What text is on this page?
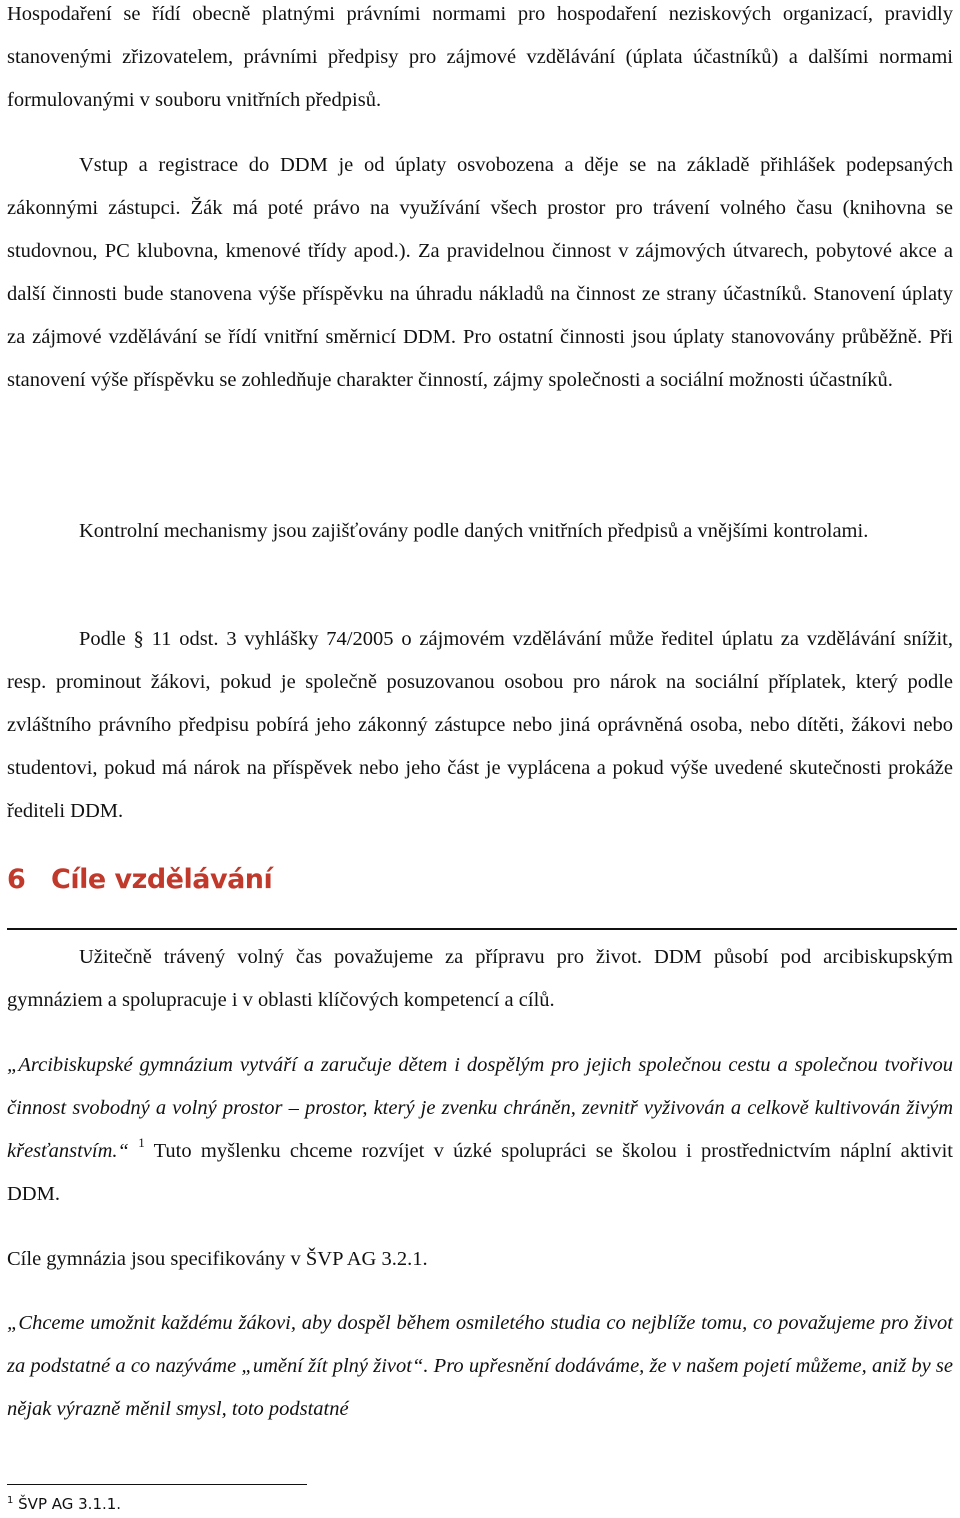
Hospodaření se řídí obecně platnými právními normami pro hospodaření neziskových organizací, pravidly stanovenými zřizovatelem, právními předpisy pro zájmové vzdělávání (úplata účastníků) a dalšími normami formulovanými v souboru vnitřních předpisů.

Vstup a registrace do DDM je od úplaty osvobozena a děje se na základě přihlášek podepsaných zákonnými zástupci. Žák má poté právo na využívání všech prostor pro trávení volného času (knihovna se studovnou, PC klubovna, kmenové třídy apod.). Za pravidelnou činnost v zájmových útvarech, pobytové akce a další činnosti bude stanovena výše příspěvku na úhradu nákladů na činnost ze strany účastníků. Stanovení úplaty za zájmové vzdělávání se řídí vnitřní směrnicí DDM. Pro ostatní činnosti jsou úplaty stanovovány průběžně. Při stanovení výše příspěvku se zohledňuje charakter činností, zájmy společnosti a sociální možnosti účastníků.

Kontrolní mechanismy jsou zajišťovány podle daných vnitřních předpisů a vnějšími kontrolami.

Podle § 11 odst. 3 vyhlášky 74/2005 o zájmovém vzdělávání může ředitel úplatu za vzdělávání snížit, resp. prominout žákovi, pokud je společně posuzovanou osobou pro nárok na sociální příplatek, který podle zvláštního právního předpisu pobírá jeho zákonný zástupce nebo jiná oprávněná osoba, nebo dítěti, žákovi nebo studentovi, pokud má nárok na příspěvek nebo jeho část je vyplácena a pokud výše uvedené skutečnosti prokáže řediteli DDM.

6 Cíle vzdělávání

Užitečně trávený volný čas považujeme za přípravu pro život. DDM působí pod arcibiskupským gymnáziem a spolupracuje i v oblasti klíčových kompetencí a cílů.

„Arcibiskupské gymnázium vytváří a zaručuje dětem i dospělým pro jejich společnou cestu a společnou tvořivou činnost svobodný a volný prostor – prostor, který je zvenku chráněn, zevnitř vyživován a celkově kultivován živým křesťanstvím.“ $^1$ Tuto myšlenku chceme rozvíjet v úzké spolupráci se školou i prostřednictvím náplní aktivit DDM.

Cíle gymnázia jsou specifikovány v ŠVP AG 3.2.1.

„Chceme umožnit každému žákovi, aby dospěl během osmiletého studia co nejblíže tomu, co považujeme pro život za podstatné a co nazýváme „umění žít plný život“. Pro upřesnění dodáváme, že v našem pojetí můžeme, aniž by se nějak výrazně měnil smysl, toto podstatné

$^1$ ŠVP AG 3.1.1.
